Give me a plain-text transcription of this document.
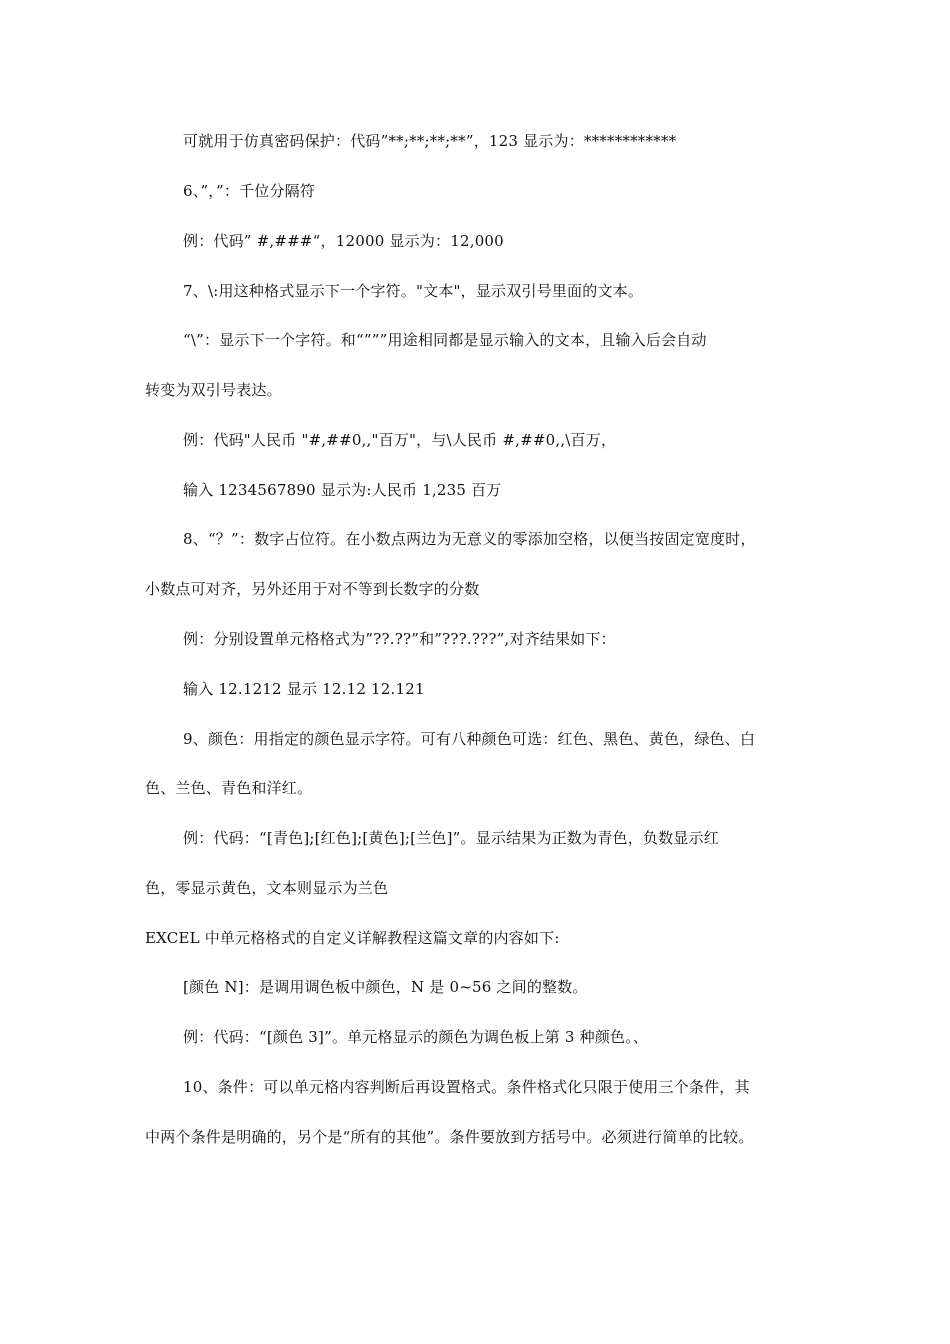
可就用于仿真密码保护：代码”**;**;**;**”，123 显示为：************
6、”，”：千位分隔符
例：代码” #,###“，12000 显示为：12,000
7、\:用这种格式显示下一个字符。"文本"，显示双引号里面的文本。
“\”：显示下一个字符。和“”””用途相同都是显示输入的文本，且输入后会自动
转变为双引号表达。
例：代码"人民币 "#,##0,,"百万"，与\人民币 #,##0,,\百万，
输入 1234567890 显示为:人民币 1,235 百万
8、“？”：数字占位符。在小数点两边为无意义的零添加空格，以便当按固定宽度时，
小数点可对齐，另外还用于对不等到长数字的分数
例：分别设置单元格格式为”??.??”和”???.???”,对齐结果如下：
输入 12.1212 显示 12.12 12.121
9、颜色：用指定的颜色显示字符。可有八种颜色可选：红色、黑色、黄色，绿色、白
色、兰色、青色和洋红。
例：代码：“[青色];[红色];[黄色];[兰色]”。显示结果为正数为青色，负数显示红
色，零显示黄色，文本则显示为兰色
EXCEL 中单元格格式的自定义详解教程这篇文章的内容如下:
[颜色 N]：是调用调色板中颜色，N 是 0~56 之间的整数。
例：代码：“[颜色 3]”。单元格显示的颜色为调色板上第 3 种颜色。、
10、条件：可以单元格内容判断后再设置格式。条件格式化只限于使用三个条件，其
中两个条件是明确的，另个是“所有的其他”。条件要放到方括号中。必须进行简单的比较。
